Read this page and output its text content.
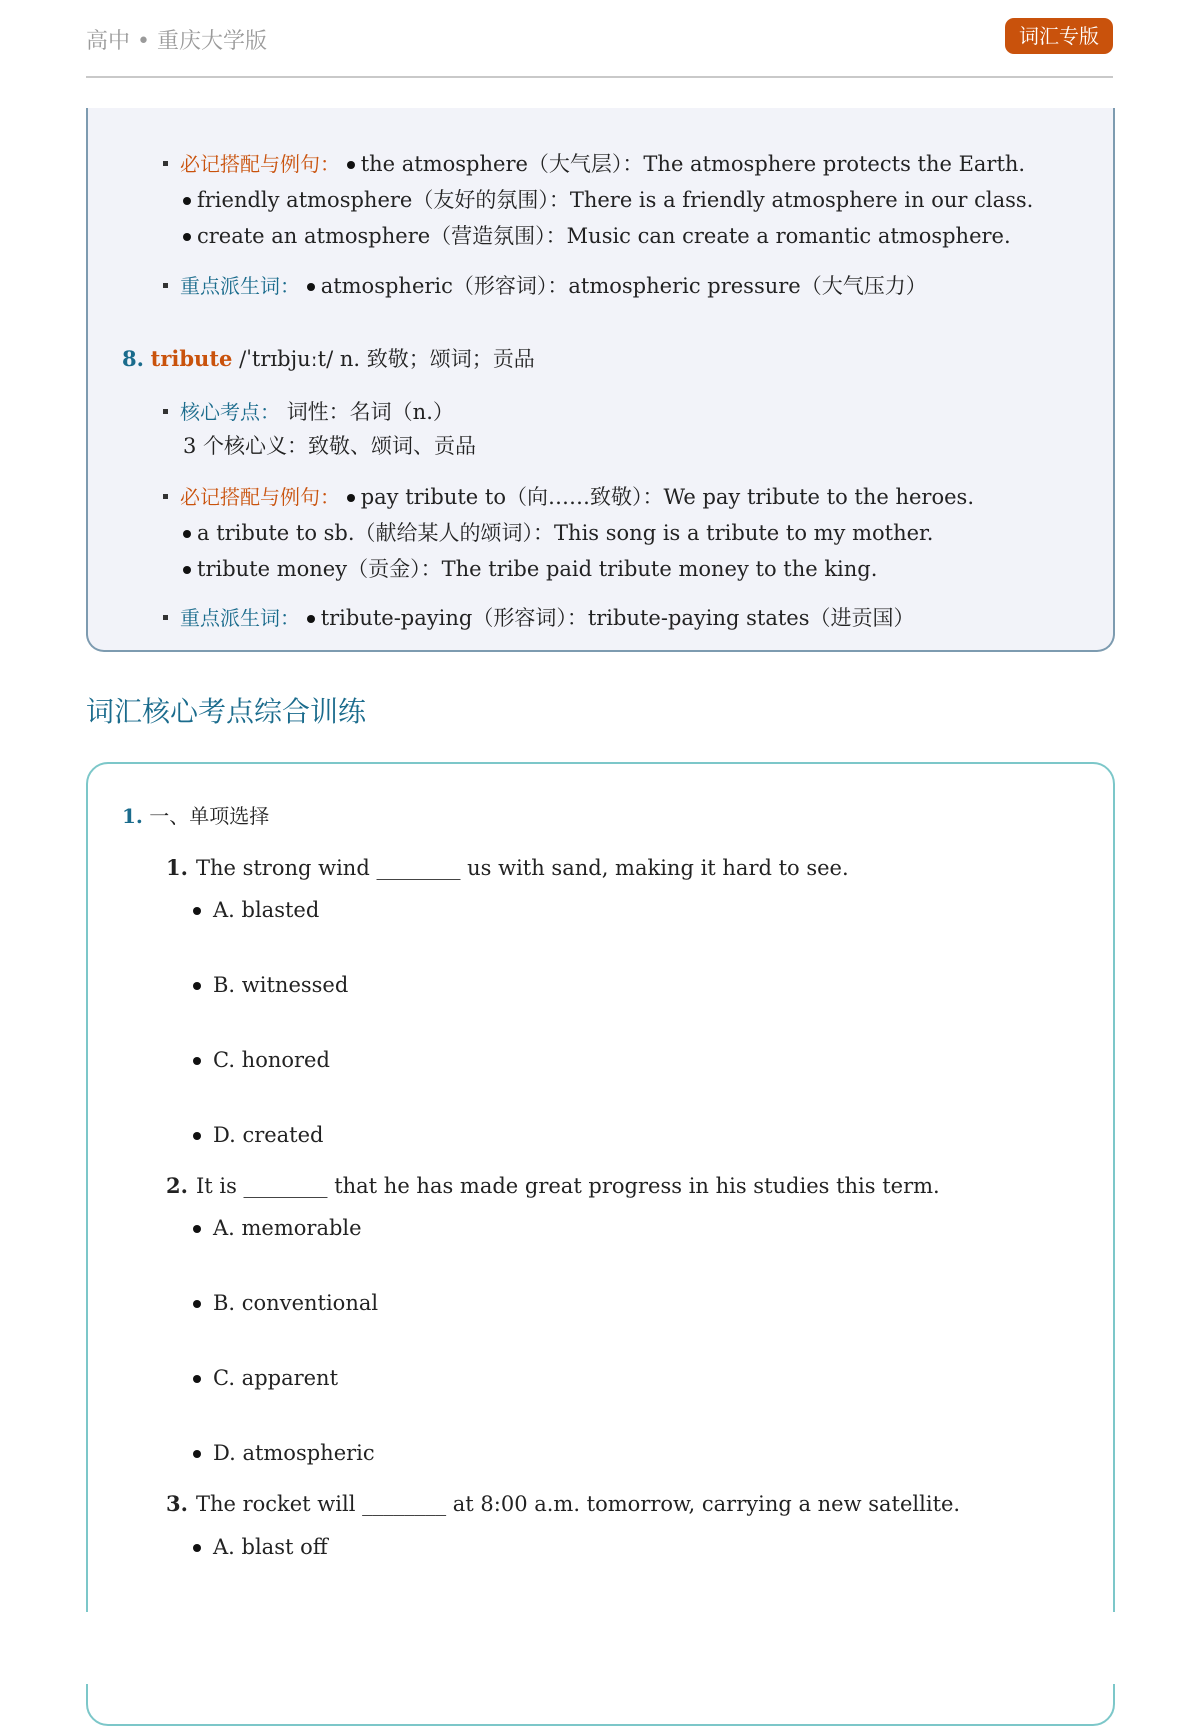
高中 • 重庆大学版	词汇专版
必记搭配与例句： the atmosphere（大气层）：The atmosphere protects the Earth.
friendly atmosphere（友好的氛围）：There is a friendly atmosphere in our class.
create an atmosphere（营造氛围）：Music can create a romantic atmosphere.
重点派生词： atmospheric（形容词）：atmospheric pressure（大气压力）
8. tribute /ˈtrɪbjuːt/ n. 致敬；颂词；贡品
核心考点： 词性：名词（n.）
3 个核心义：致敬、颂词、贡品
必记搭配与例句： pay tribute to（向……致敬）：We pay tribute to the heroes.
a tribute to sb.（献给某人的颂词）：This song is a tribute to my mother.
tribute money（贡金）：The tribe paid tribute money to the king.
重点派生词： tribute-paying（形容词）：tribute-paying states（进贡国）
词汇核心考点综合训练
1. 一、单项选择
1. The strong wind ________ us with sand, making it hard to see.
A. blasted
B. witnessed
C. honored
D. created
2. It is ________ that he has made great progress in his studies this term.
A. memorable
B. conventional
C. apparent
D. atmospheric
3. The rocket will ________ at 8:00 a.m. tomorrow, carrying a new satellite.
A. blast off
